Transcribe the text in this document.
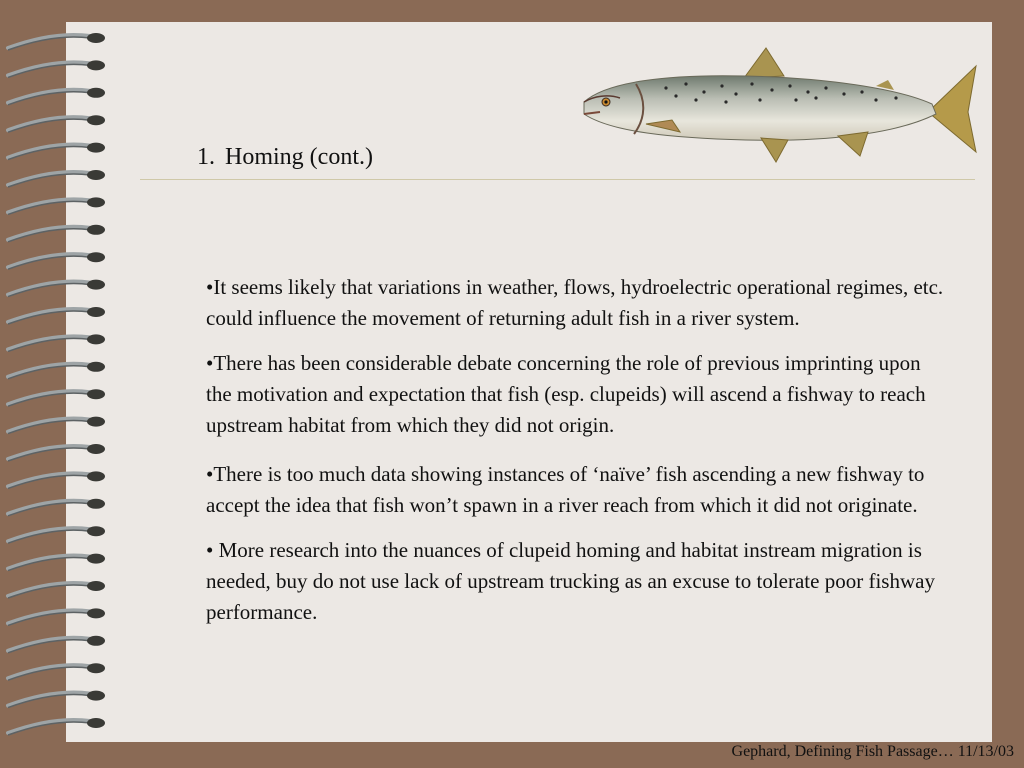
1. Homing (cont.)
•It seems likely that variations in weather, flows, hydroelectric operational regimes, etc. could influence the movement of returning adult fish in a river system.
•There has been considerable debate concerning the role of previous imprinting upon the motivation and expectation that fish (esp. clupeids) will ascend a fishway to reach upstream habitat from which they did not origin.
•There is too much data showing instances of ‘naïve’ fish ascending a new fishway to accept the idea that fish won’t spawn in a river reach from which it did not originate.
• More research into the nuances of clupeid homing and habitat instream migration is needed, buy do not use lack of upstream trucking as an excuse to tolerate poor fishway performance.
Gephard, Defining Fish Passage… 11/13/03
